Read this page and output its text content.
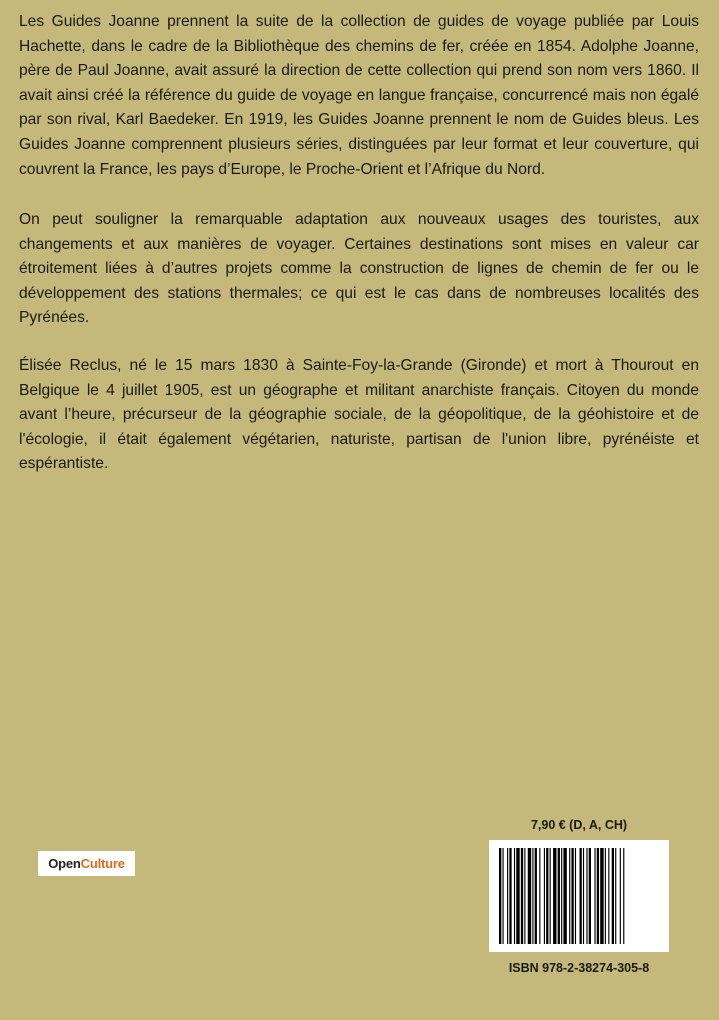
Les Guides Joanne prennent la suite de la collection de guides de voyage publiée par Louis Hachette, dans le cadre de la Bibliothèque des chemins de fer, créée en 1854. Adolphe Joanne, père de Paul Joanne, avait assuré la direction de cette collection qui prend son nom vers 1860. Il avait ainsi créé la référence du guide de voyage en langue française, concurrencé mais non égalé par son rival, Karl Baedeker. En 1919, les Guides Joanne prennent le nom de Guides bleus. Les Guides Joanne comprennent plusieurs séries, distinguées par leur format et leur couverture, qui couvrent la France, les pays d’Europe, le Proche-Orient et l’Afrique du Nord.

On peut souligner la remarquable adaptation aux nouveaux usages des touristes, aux changements et aux manières de voyager. Certaines destinations sont mises en valeur car étroitement liées à d’autres projets comme la construction de lignes de chemin de fer ou le développement des stations thermales; ce qui est le cas dans de nombreuses localités des Pyrénées.

Élisée Reclus, né le 15 mars 1830 à Sainte-Foy-la-Grande (Gironde) et mort à Thourout en Belgique le 4 juillet 1905, est un géographe et militant anarchiste français. Citoyen du monde avant l’heure, précurseur de la géographie sociale, de la géopolitique, de la géohistoire et de l'écologie, il était également végétarien, naturiste, partisan de l'union libre, pyrénéiste et espérantiste.

Open Culture
7,90 € (D, A, CH)
ISBN 978-2-38274-305-8
